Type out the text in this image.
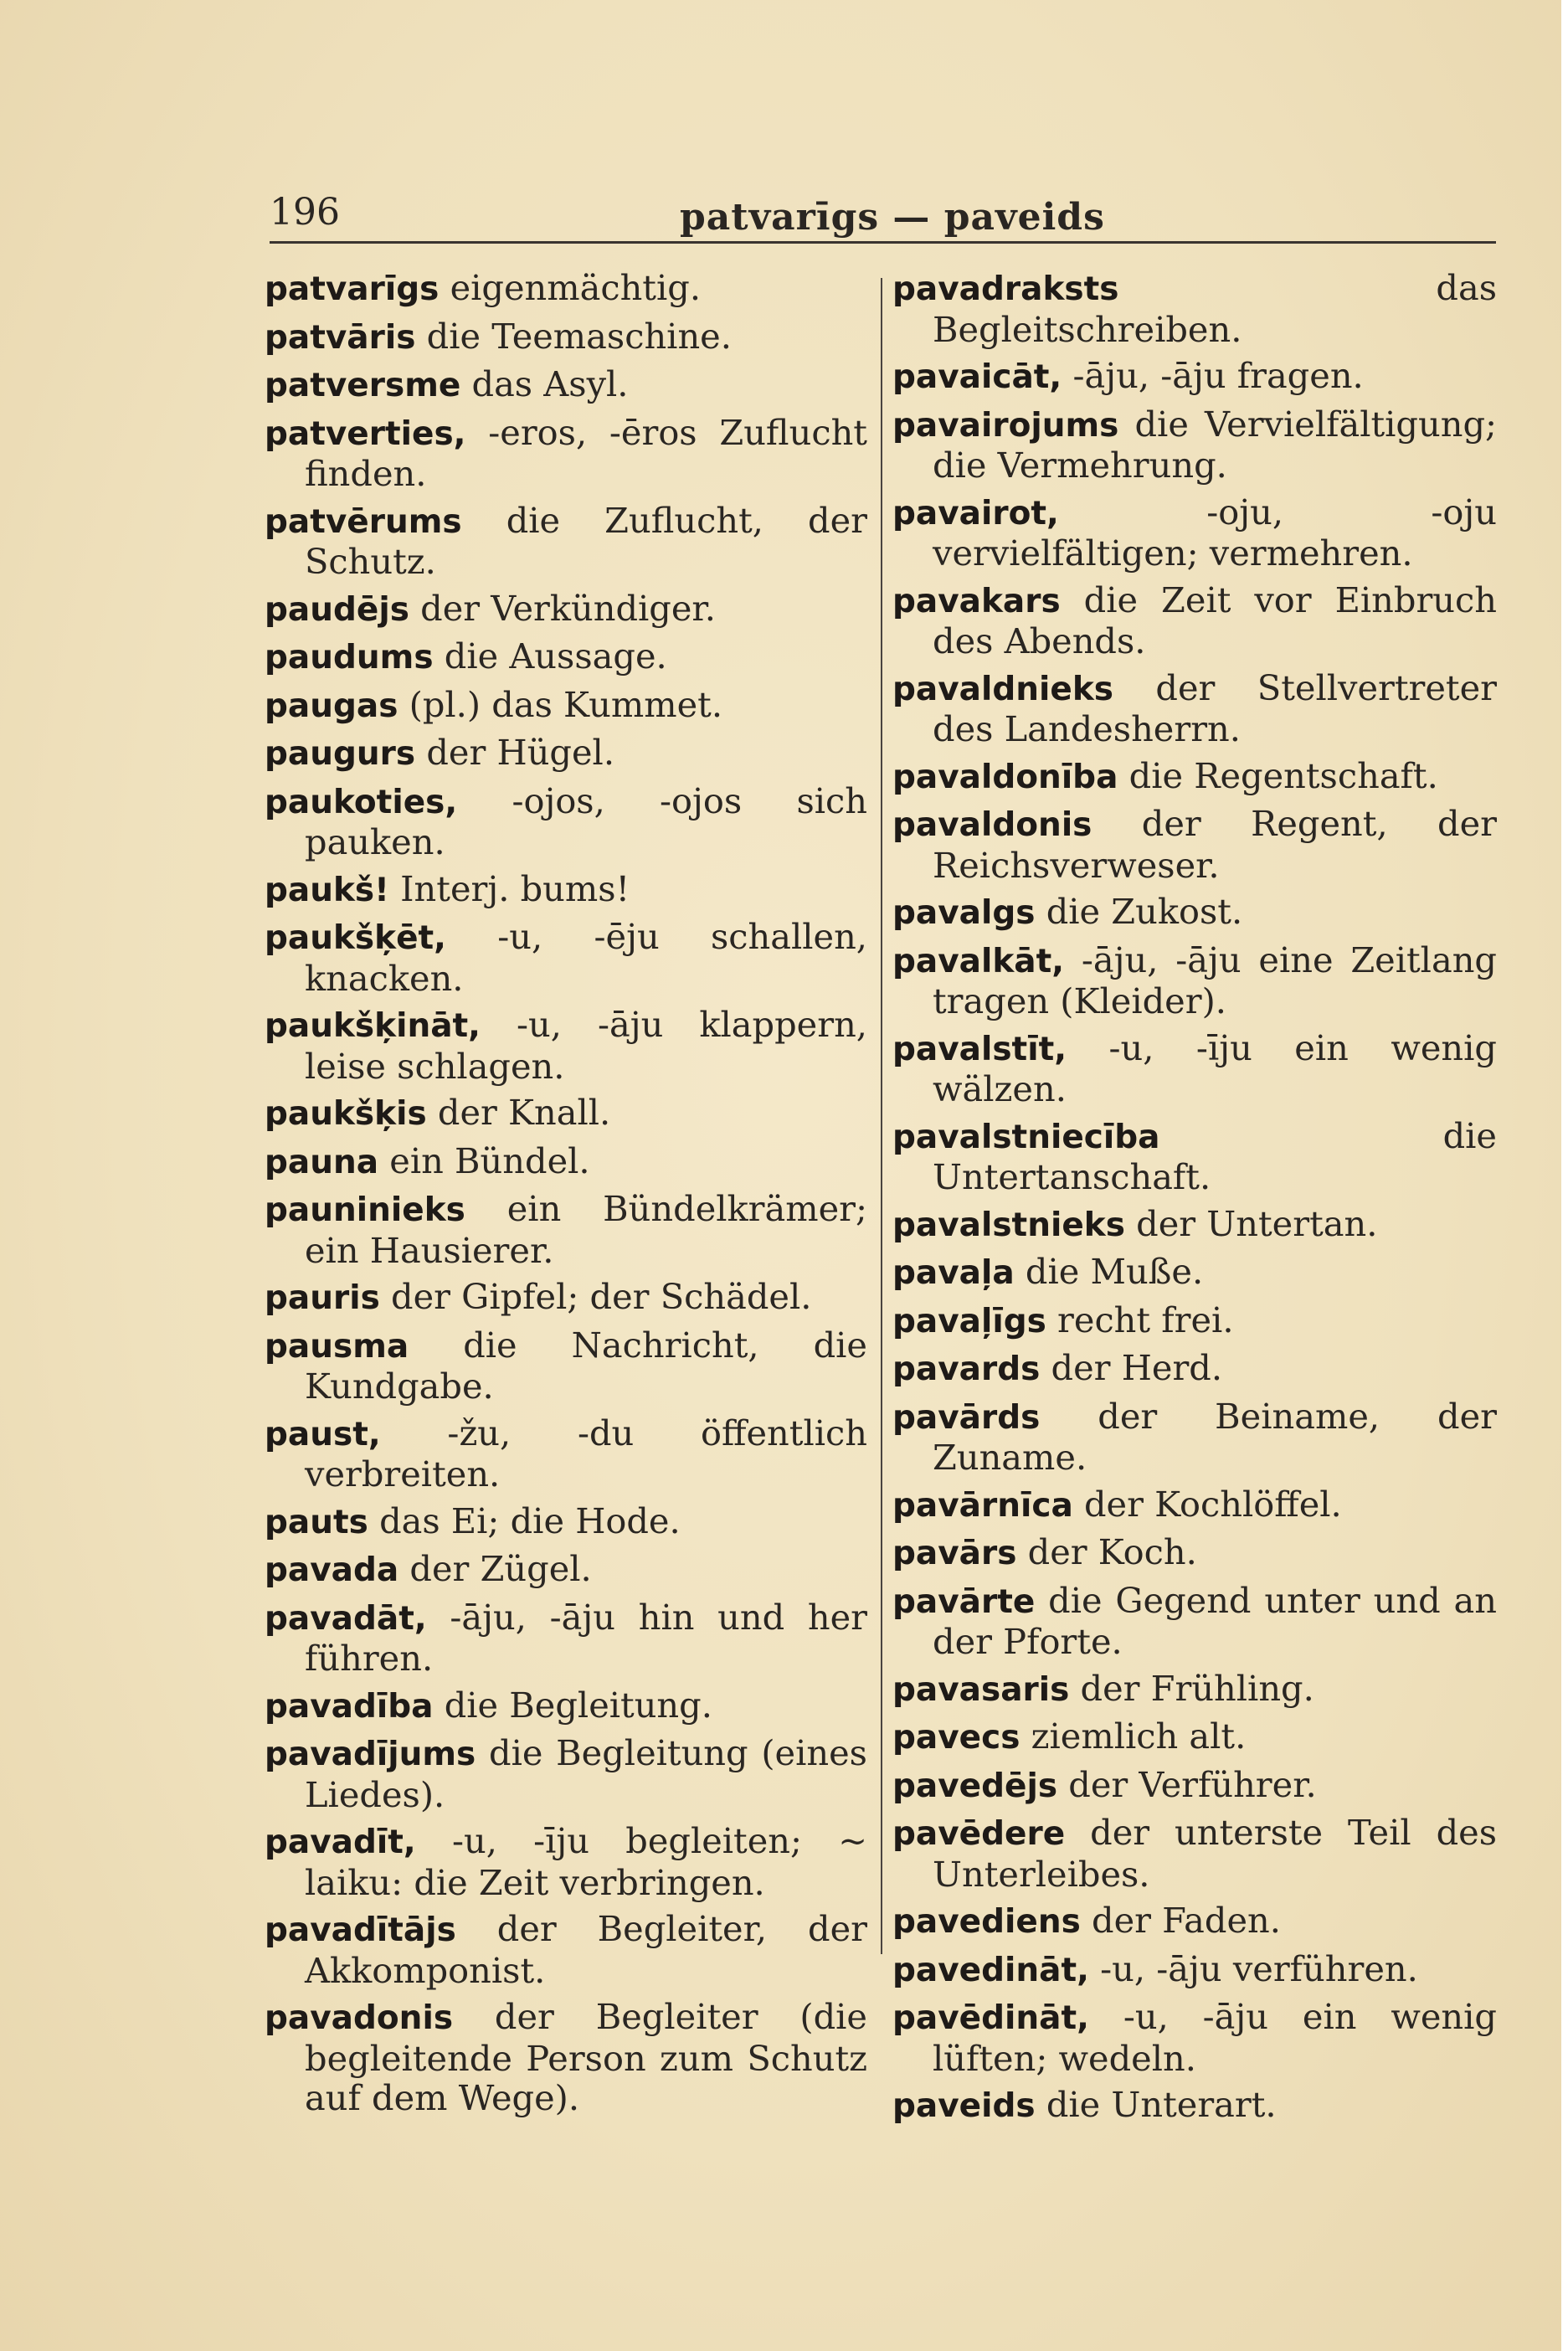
196	patvarīgs — paveids

patvarīgs eigenmächtig.

patvāris die Teemaschine.

patversme das Asyl.

patverties, -eros, -ēros Zuflucht finden.

patvērums die Zuflucht, der Schutz.

paudējs der Verkündiger.

paudums die Aussage.

paugas (pl.) das Kummet.

paugurs der Hügel.

paukoties, -ojos, -ojos sich pauken.

paukš! Interj. bums!

paukšķēt, -u, -ēju schallen, knacken.

paukšķināt, -u, -āju klappern, leise schlagen.

paukšķis der Knall.

pauna ein Bündel.

pauninieks ein Bündelkrämer; ein Hausierer.

pauris der Gipfel; der Schädel.

pausma die Nachricht, die Kundgabe.

paust, -žu, -du öffentlich verbreiten.

pauts das Ei; die Hode.

pavada der Zügel.

pavadāt, -āju, -āju hin und her führen.

pavadība die Begleitung.

pavadījums die Begleitung (eines Liedes).

pavadīt, -u, -īju begleiten; ~ laiku: die Zeit verbringen.

pavadītājs der Begleiter, der Akkomponist.

pavadonis der Begleiter (die begleitende Person zum Schutz auf dem Wege).

pavadraksts	das Begleitschreiben.

pavaicāt, -āju, -āju fragen.

pavairojums die Vervielfältigung; die Vermehrung.

pavairot,	-oju, -oju vervielfältigen; vermehren.

pavakars die Zeit vor Einbruch des Abends.

pavaldnieks der Stellvertreter des Landesherrn.

pavaldonība die Regentschaft.

pavaldonis der Regent, der Reichsverweser.

pavalgs die Zukost.

pavalkāt, -āju, -āju eine Zeitlang tragen (Kleider).

pavalstīt, -u, -īju ein wenig wälzen.

pavalstniecība	die Untertanschaft.

pavalstnieks der Untertan.

pavaļa die Muße.

pavaļīgs recht frei.

pavards der Herd.

pavārds der Beiname, der Zuname.

pavārnīca der Kochlöffel.

pavārs der Koch.

pavārte die Gegend unter und an der Pforte.

pavasaris der Frühling.

pavecs ziemlich alt.

pavedējs der Verführer.

pavēdere der unterste Teil des Unterleibes.

pavediens der Faden.

pavedināt, -u, -āju verführen.

pavēdināt, -u, -āju ein wenig lüften; wedeln.

paveids die Unterart.
